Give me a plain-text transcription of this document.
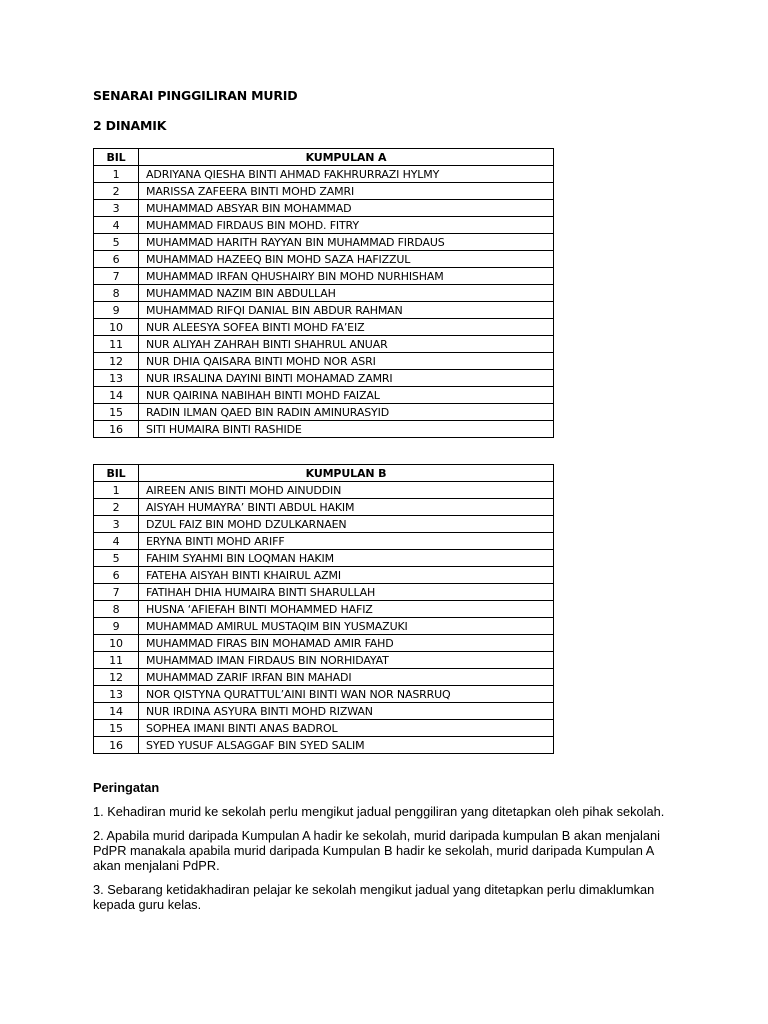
SENARAI PINGGILIRAN MURID
2 DINAMIK
BIL	KUMPULAN A
1	ADRIYANA QIESHA BINTI AHMAD FAKHRURRAZI HYLMY
2	MARISSA ZAFEERA BINTI MOHD ZAMRI
3	MUHAMMAD ABSYAR BIN MOHAMMAD
4	MUHAMMAD FIRDAUS BIN MOHD. FITRY
5	MUHAMMAD HARITH RAYYAN BIN MUHAMMAD FIRDAUS
6	MUHAMMAD HAZEEQ BIN MOHD SAZA HAFIZZUL
7	MUHAMMAD IRFAN QHUSHAIRY BIN MOHD NURHISHAM
8	MUHAMMAD NAZIM BIN ABDULLAH
9	MUHAMMAD RIFQI DANIAL BIN ABDUR RAHMAN
10	NUR ALEESYA SOFEA BINTI MOHD FA’EIZ
11	NUR ALIYAH ZAHRAH BINTI SHAHRUL ANUAR
12	NUR DHIA QAISARA BINTI MOHD NOR ASRI
13	NUR IRSALINA DAYINI BINTI MOHAMAD ZAMRI
14	NUR QAIRINA NABIHAH BINTI MOHD FAIZAL
15	RADIN ILMAN QAED BIN RADIN AMINURASYID
16	SITI HUMAIRA BINTI RASHIDE
BIL	KUMPULAN B
1	AIREEN ANIS BINTI MOHD AINUDDIN
2	AISYAH HUMAYRA’ BINTI ABDUL HAKIM
3	DZUL FAIZ BIN MOHD DZULKARNAEN
4	ERYNA BINTI MOHD ARIFF
5	FAHIM SYAHMI BIN LOQMAN HAKIM
6	FATEHA AISYAH BINTI KHAIRUL AZMI
7	FATIHAH DHIA HUMAIRA BINTI SHARULLAH
8	HUSNA ‘AFIEFAH BINTI MOHAMMED HAFIZ
9	MUHAMMAD AMIRUL MUSTAQIM BIN YUSMAZUKI
10	MUHAMMAD FIRAS BIN MOHAMAD AMIR FAHD
11	MUHAMMAD IMAN FIRDAUS BIN NORHIDAYAT
12	MUHAMMAD ZARIF IRFAN BIN MAHADI
13	NOR QISTYNA QURATTUL’AINI BINTI WAN NOR NASRRUQ
14	NUR IRDINA ASYURA BINTI MOHD RIZWAN
15	SOPHEA IMANI BINTI ANAS BADROL
16	SYED YUSUF ALSAGGAF BIN SYED SALIM
Peringatan

1. Kehadiran murid ke sekolah perlu mengikut jadual penggiliran yang ditetapkan oleh pihak sekolah.

2. Apabila murid daripada Kumpulan A hadir ke sekolah, murid daripada kumpulan B akan menjalani PdPR manakala apabila murid daripada Kumpulan B hadir ke sekolah, murid daripada Kumpulan A akan menjalani PdPR.

3. Sebarang ketidakhadiran pelajar ke sekolah mengikut jadual yang ditetapkan perlu dimaklumkan kepada guru kelas.
